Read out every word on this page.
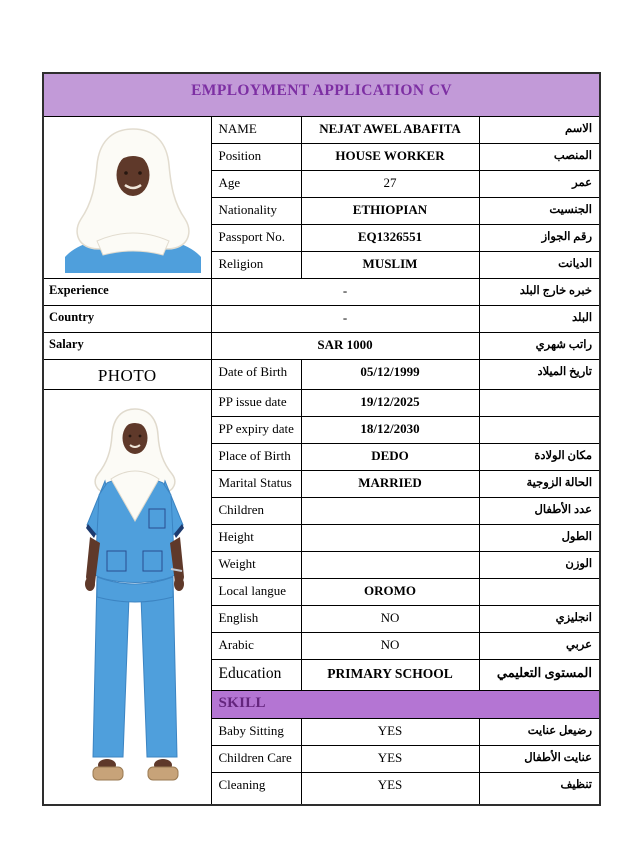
EMPLOYMENT APPLICATION CV			

	NAME	NEJAT AWEL ABAFITA	الاسم
	Position	HOUSE WORKER	المنصب
	Age	27	عمر
	Nationality	ETHIOPIAN	الجنسيت
	Passport No.	EQ1326551	رقم الجواز
	Religion	MUSLIM	الديانت
Experience	-		خبره خارج البلد
Country	-		البلد
Salary	SAR 1000		راتب شهري
PHOTO	Date of Birth	05/12/1999	تاريخ الميلاد

	PP issue date	19/12/2025	
	PP expiry date	18/12/2030	
	Place of Birth	DEDO	مكان الولادة
	Marital Status	MARRIED	الحالة الزوجية
	Children		عدد الأطفال
	Height		الطول
	Weight		الوزن
	Local langue	OROMO	
	English	NO	انجليزي
	Arabic	NO	عربي
	Education	PRIMARY SCHOOL	المستوى التعليمي
	SKILL		
	Baby Sitting	YES	رضيعل عنايت
	Children Care	YES	عنايت الأطفال
	Cleaning	YES	تنظيف
